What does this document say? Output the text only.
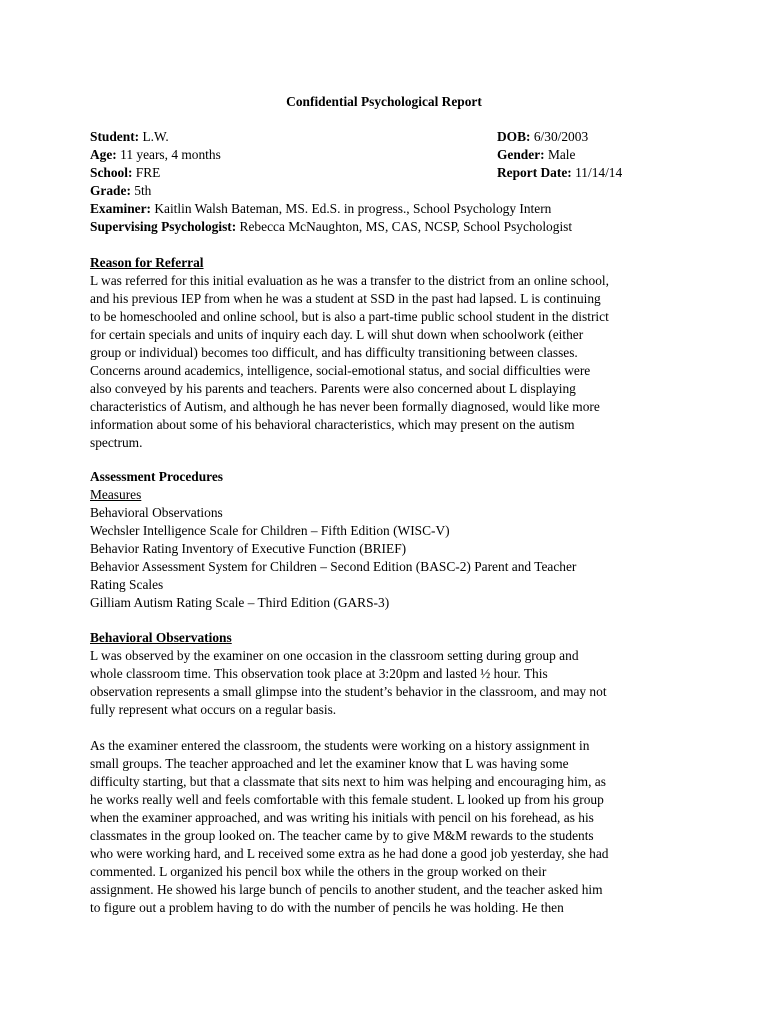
Confidential Psychological Report
Student: L.W.
Age: 11 years, 4 months
School: FRE
Grade: 5th
DOB: 6/30/2003
Gender: Male
Report Date: 11/14/14
Examiner: Kaitlin Walsh Bateman, MS. Ed.S. in progress., School Psychology Intern
Supervising Psychologist: Rebecca McNaughton, MS, CAS, NCSP, School Psychologist
Reason for Referral
L was referred for this initial evaluation as he was a transfer to the district from an online school,
and his previous IEP from when he was a student at SSD in the past had lapsed. L is continuing
to be homeschooled and online school, but is also a part-time public school student in the district
for certain specials and units of inquiry each day. L will shut down when schoolwork (either
group or individual) becomes too difficult, and has difficulty transitioning between classes.
Concerns around academics, intelligence, social-emotional status, and social difficulties were
also conveyed by his parents and teachers. Parents were also concerned about L displaying
characteristics of Autism, and although he has never been formally diagnosed, would like more
information about some of his behavioral characteristics, which may present on the autism
spectrum.
Assessment Procedures
Measures
Behavioral Observations
Wechsler Intelligence Scale for Children – Fifth Edition (WISC-V)
Behavior Rating Inventory of Executive Function (BRIEF)
Behavior Assessment System for Children – Second Edition (BASC-2) Parent and Teacher
Rating Scales
Gilliam Autism Rating Scale – Third Edition (GARS-3)
Behavioral Observations
L was observed by the examiner on one occasion in the classroom setting during group and
whole classroom time. This observation took place at 3:20pm and lasted ½ hour. This
observation represents a small glimpse into the student’s behavior in the classroom, and may not
fully represent what occurs on a regular basis.
As the examiner entered the classroom, the students were working on a history assignment in
small groups. The teacher approached and let the examiner know that L was having some
difficulty starting, but that a classmate that sits next to him was helping and encouraging him, as
he works really well and feels comfortable with this female student. L looked up from his group
when the examiner approached, and was writing his initials with pencil on his forehead, as his
classmates in the group looked on. The teacher came by to give M&M rewards to the students
who were working hard, and L received some extra as he had done a good job yesterday, she had
commented. L organized his pencil box while the others in the group worked on their
assignment. He showed his large bunch of pencils to another student, and the teacher asked him
to figure out a problem having to do with the number of pencils he was holding. He then
